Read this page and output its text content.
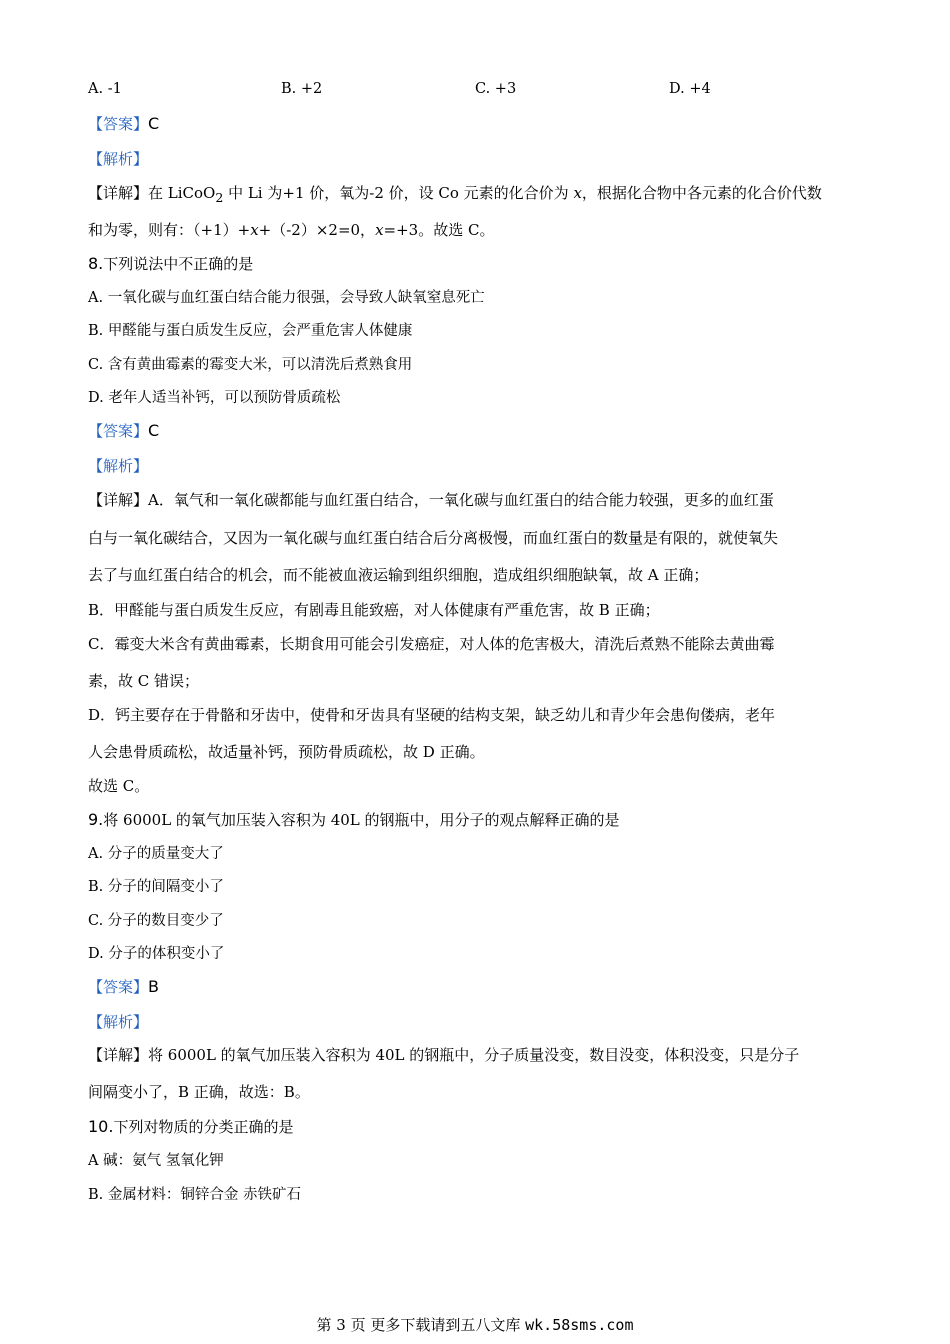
A. -1	B. +2	C. +3	D. +4
【答案】C
【解析】
【详解】在 LiCoO$_2$ 中 Li 为+1 价，氧为-2 价，设 Co 元素的化合价为 x，根据化合物中各元素的化合价代数
和为零，则有：（+1）+x+（-2）×2=0，x=+3。故选 C。
8.下列说法中不正确的是
A. 一氧化碳与血红蛋白结合能力很强，会导致人缺氧窒息死亡
B. 甲醛能与蛋白质发生反应，会严重危害人体健康
C. 含有黄曲霉素的霉变大米，可以清洗后煮熟食用
D. 老年人适当补钙，可以预防骨质疏松
【答案】C
【解析】
【详解】A．氧气和一氧化碳都能与血红蛋白结合，一氧化碳与血红蛋白的结合能力较强，更多的血红蛋
白与一氧化碳结合，又因为一氧化碳与血红蛋白结合后分离极慢，而血红蛋白的数量是有限的，就使氧失
去了与血红蛋白结合的机会，而不能被血液运输到组织细胞，造成组织细胞缺氧，故 A 正确；
B．甲醛能与蛋白质发生反应，有剧毒且能致癌，对人体健康有严重危害，故 B 正确；
C．霉变大米含有黄曲霉素，长期食用可能会引发癌症，对人体的危害极大，清洗后煮熟不能除去黄曲霉
素，故 C 错误；
D．钙主要存在于骨骼和牙齿中，使骨和牙齿具有坚硬的结构支架，缺乏幼儿和青少年会患佝偻病，老年
人会患骨质疏松，故适量补钙，预防骨质疏松，故 D 正确。
故选 C。
9.将 6000L 的氧气加压装入容积为 40L 的钢瓶中，用分子的观点解释正确的是
A. 分子的质量变大了
B. 分子的间隔变小了
C. 分子的数目变少了
D. 分子的体积变小了
【答案】B
【解析】
【详解】将 6000L 的氧气加压装入容积为 40L 的钢瓶中，分子质量没变，数目没变，体积没变，只是分子
间隔变小了，B 正确，故选：B。
10.下列对物质的分类正确的是
A 碱：氨气 氢氧化钾
B. 金属材料：铜锌合金 赤铁矿石
第 3 页 更多下载请到五八文库 wk.58sms.com
